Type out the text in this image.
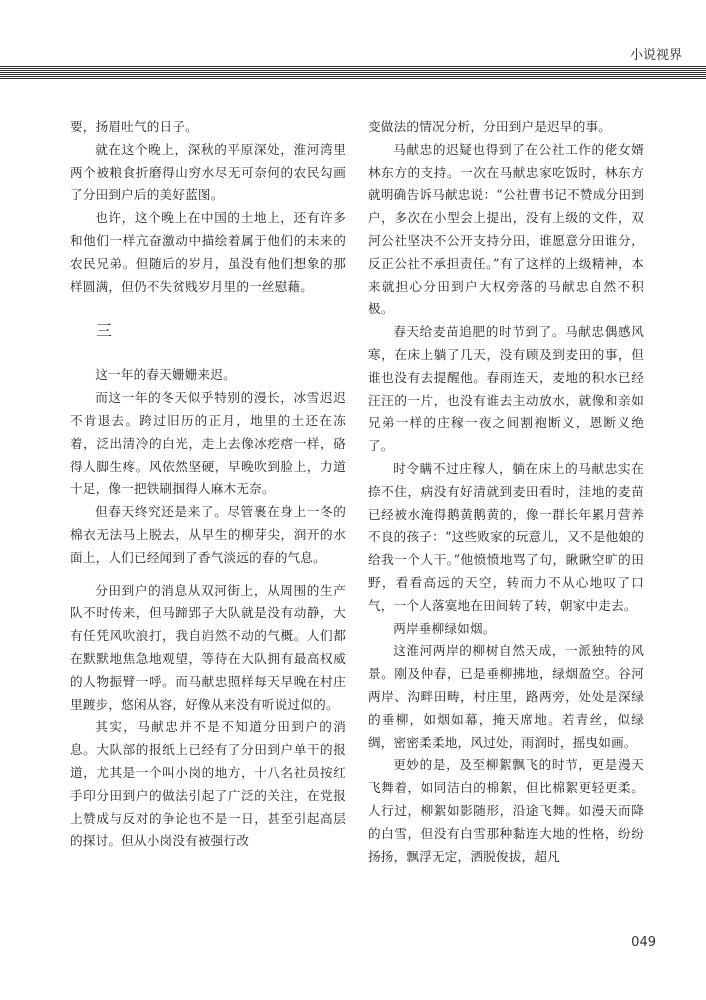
小说视界

要，扬眉吐气的日子。

就在这个晚上，深秋的平原深处，淮河湾里两个被粮食折磨得山穷水尽无可奈何的农民勾画了分田到户后的美好蓝图。

也许，这个晚上在中国的土地上，还有许多和他们一样亢奋激动中描绘着属于他们的未来的农民兄弟。但随后的岁月，虽没有他们想象的那样圆满，但仍不失贫贱岁月里的一丝慰藉。

三

这一年的春天姗姗来迟。

而这一年的冬天似乎特别的漫长，冰雪迟迟不肯退去。跨过旧历的正月，地里的土还在冻着，泛出清冷的白光，走上去像冰疙瘩一样，硌得人脚生疼。风依然坚硬，早晚吹到脸上，力道十足，像一把铁刷掴得人麻木无奈。

但春天终究还是来了。尽管裹在身上一冬的棉衣无法马上脱去，从早生的柳芽尖，润开的水面上，人们已经闻到了香气淡远的春的气息。

分田到户的消息从双河街上，从周围的生产队不时传来，但马蹄郢子大队就是没有动静，大有任凭风吹浪打，我自岿然不动的气概。人们都在默默地焦急地观望，等待在大队拥有最高权威的人物振臂一呼。而马献忠照样每天早晚在村庄里踱步，悠闲从容，好像从来没有听说过似的。

其实，马献忠并不是不知道分田到户的消息。大队部的报纸上已经有了分田到户单干的报道，尤其是一个叫小岗的地方，十八名社员按红手印分田到户的做法引起了广泛的关注，在党报上赞成与反对的争论也不是一日，甚至引起高层的探讨。但从小岗没有被强行改

变做法的情况分析，分田到户是迟早的事。

马献忠的迟疑也得到了在公社工作的佬女婿林东方的支持。一次在马献忠家吃饭时，林东方就明确告诉马献忠说：“公社曹书记不赞成分田到户，多次在小型会上提出，没有上级的文件，双河公社坚决不公开支持分田，谁愿意分田谁分，反正公社不承担责任。”有了这样的上级精神，本来就担心分田到户大权旁落的马献忠自然不积极。

春天给麦苗追肥的时节到了。马献忠偶感风寒，在床上躺了几天，没有顾及到麦田的事，但谁也没有去提醒他。春雨连天，麦地的积水已经汪汪的一片，也没有谁去主动放水，就像和亲如兄弟一样的庄稼一夜之间割袍断义，恩断义绝了。

时令瞒不过庄稼人，躺在床上的马献忠实在捺不住，病没有好清就到麦田看时，洼地的麦苗已经被水淹得鹅黄鹅黄的，像一群长年累月营养不良的孩子：“这些败家的玩意儿，又不是他娘的给我一个人干。”他愤愤地骂了句，瞅瞅空旷的田野，看看高远的天空，转而力不从心地叹了口气，一个人落寞地在田间转了转，朝家中走去。

两岸垂柳绿如烟。

这淮河两岸的柳树自然天成，一派独特的风景。刚及仲春，已是垂柳拂地，绿烟盈空。谷河两岸、沟畔田畴，村庄里，路两旁，处处是深绿的垂柳，如烟如幕，掩天席地。若青丝，似绿绸，密密柔柔地，风过处，雨润时，摇曳如画。

更妙的是，及至柳絮飘飞的时节，更是漫天飞舞着，如同洁白的棉絮，但比棉絮更轻更柔。人行过，柳絮如影随形，沿途飞舞。如漫天而降的白雪，但没有白雪那种黏连大地的性格，纷纷扬扬，飘浮无定，洒脱俊拔，超凡

049
